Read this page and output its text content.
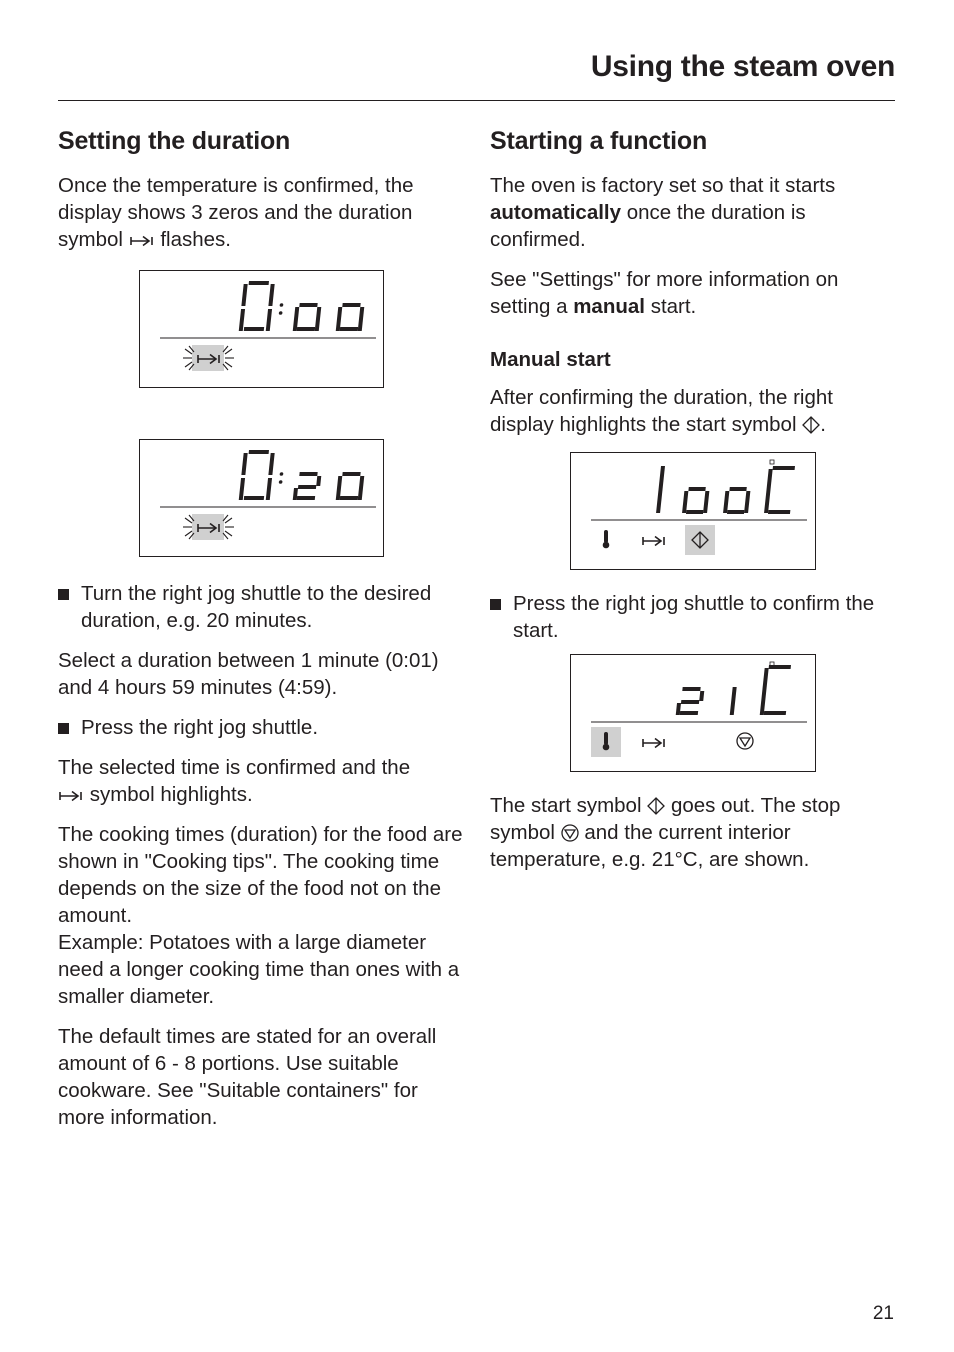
Using the steam oven
Setting the duration

Once the temperature is confirmed, the display shows 3 zeros and the duration symbol flashes.

Turn the right jog shuttle to the desired duration, e.g. 20 minutes.

Select a duration between 1 minute (0:01) and 4 hours 59 minutes (4:59).

Press the right jog shuttle.

The selected time is confirmed and the
symbol highlights.

The cooking times (duration) for the food are shown in "Cooking tips". The cooking time depends on the size of the food not on the amount.
Example: Potatoes with a large diameter need a longer cooking time than ones with a smaller diameter.

The default times are stated for an overall amount of 6 - 8 portions. Use suitable cookware. See "Suitable containers" for more information.

Starting a function

The oven is factory set so that it starts automatically once the duration is confirmed.

See "Settings" for more information on setting a manual start.

Manual start

After confirming the duration, the right display highlights the start symbol .

Press the right jog shuttle to confirm the start.

The start symbol goes out. The stop symbol and the current interior temperature, e.g. 21°C, are shown.

21
